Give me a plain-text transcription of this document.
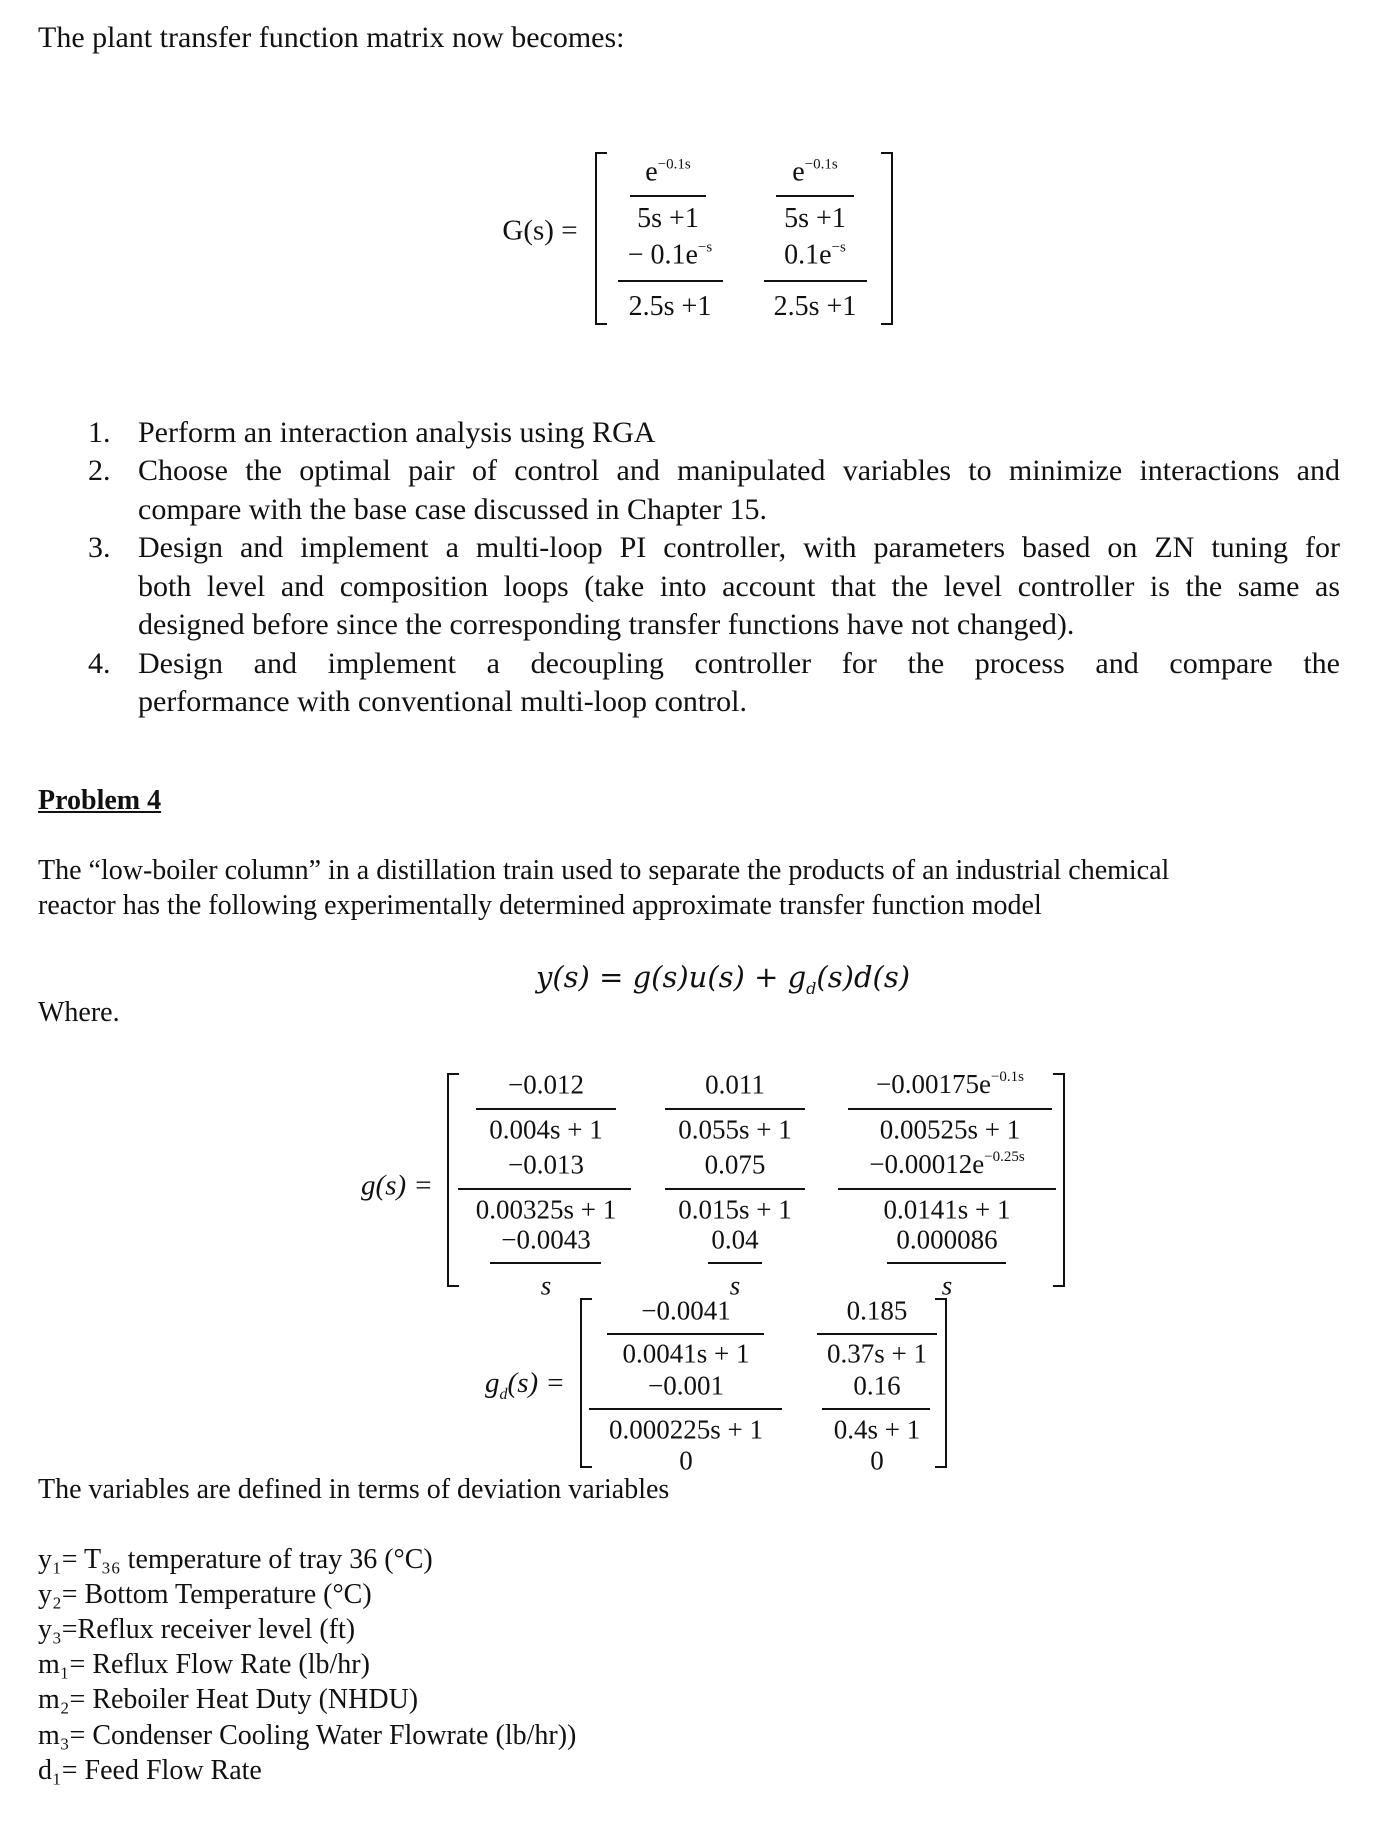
The plant transfer function matrix now becomes:
G(s) =
$e^{-0.1s}$
5s +1
$e^{-0.1s}$
5s +1
− $0.1e^{-s}$
2.5s +1
$0.1e^{-s}$
2.5s +1
1. Perform an interaction analysis using RGA
2. Choose the optimal pair of control and manipulated variables to minimize interactions and
compare with the base case discussed in Chapter 15.
3. Design and implement a multi-loop PI controller, with parameters based on ZN tuning for
both level and composition loops (take into account that the level controller is the same as
designed before since the corresponding transfer functions have not changed).
4. Design and implement a decoupling controller for the process and compare the
performance with conventional multi-loop control.
Problem 4
The “low-boiler column” in a distillation train used to separate the products of an industrial chemical
reactor has the following experimentally determined approximate transfer function model
$y(s) = g(s)u(s) + g_d(s)d(s)$
Where.
g(s) =
−0.012
0.004s + 1
0.011
0.055s + 1
$-0.00175e^{-0.1s}$
0.00525s + 1
−0.013
0.00325s + 1
0.075
0.015s + 1
$-0.00012e^{-0.25s}$
0.0141s + 1
−0.0043
s
0.04
s
0.000086
s
$g_d(s)$ =
−0.0041
0.0041s + 1
0.185
0.37s + 1
−0.001
0.000225s + 1
0.16
0.4s + 1
0	0
The variables are defined in terms of deviation variables
y₁= T₃₆ temperature of tray 36 (°C)
y₂= Bottom Temperature (°C)
y₃=Reflux receiver level (ft)
m₁= Reflux Flow Rate (lb/hr)
m₂= Reboiler Heat Duty (NHDU)
m₃= Condenser Cooling Water Flowrate (lb/hr))
d₁= Feed Flow Rate
